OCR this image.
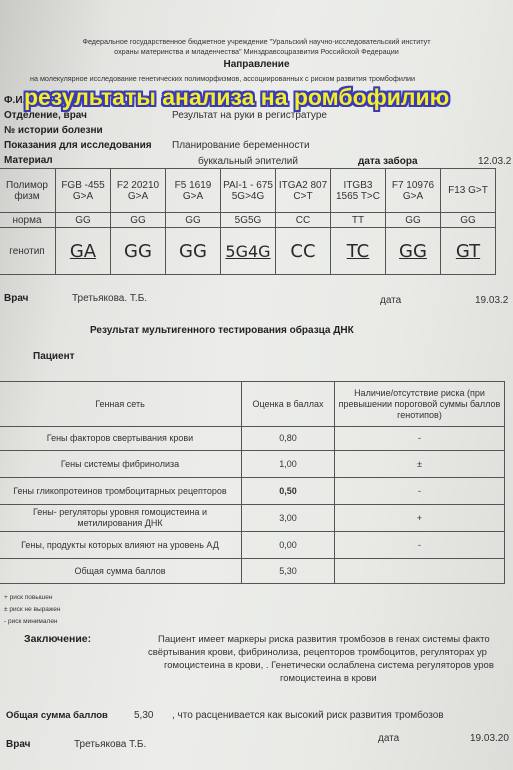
Федеральное государственное бюджетное учреждение "Уральский научно-исследовательский институт
охраны материнства и младенчества" Минздравсоцразвития Российской Федерации
Направление
на молекулярное исследование генетических полиморфизмов, ассоциированных с риском развития тромбофилии
Ф.И.
результаты анализа на ромбофилию
Отделение, врач	Результат на руки в регистратуре
№ истории болезни
Показания для исследования Планирование беременности
Материал	буккальный эпителий	дата забора	12.03.2
Полимор физм	FGB -455 G>A	F2 20210 G>A	F5 1619 G>A	PAI-1 - 675 5G>4G	ITGA2 807 C>T	ITGB3 1565 T>C	F7 10976 G>A	F13 G>T
норма	GG	GG	GG	5G5G	CC	TT	GG	GG
генотип	GA	GG	GG	5G4G	CC	TC	GG	GT
Врач	Третьякова. Т.Б.	дата	19.03.2
Результат мультигенного тестирования образца ДНК
Пациент
Генная сеть	Оценка в баллах	Наличие/отсутствие риска (при превышении пороговой суммы баллов генотипов)
Гены факторов свертывания крови	0,80	-
Гены системы фибринолиза	1,00	±
Гены гликопротеинов тромбоцитарных рецепторов	0,50	-
Гены- регуляторы уровня гомоцистеина и метилирования ДНК	3,00	+
Гены, продукты которых влияют на уровень АД	0,00	-
Общая сумма баллов	5,30	
+ риск повышен
± риск не выражен
- риск минимален
Заключение:	Пациент имеет маркеры риска развития тромбозов в генах системы факто
свёртывания крови, фибринолиза, рецепторов тромбоцитов, регуляторах ур
гомоцистеина в крови, . Генетически ослаблена система регуляторов уров
гомоцистеина в крови
Общая сумма баллов	5,30 , что расценивается как высокий риск развития тромбозов
Врач	Третьякова Т.Б.
дата	19.03.20
